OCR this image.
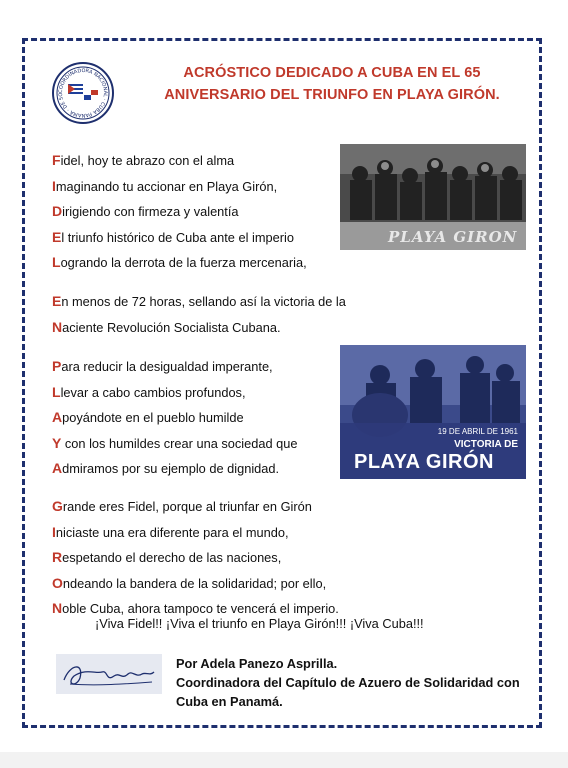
COORDINADORA NACIONAL · CUBA PANAMÁ · DE SO
ACRÓSTICO DEDICADO A CUBA EN EL 65
ANIVERSARIO DEL TRIUNFO EN PLAYA GIRÓN.
Fidel, hoy te abrazo con el alma
Imaginando tu accionar en Playa Girón,
Dirigiendo con firmeza y valentía
El triunfo histórico de Cuba ante el imperio
Logrando la derrota de la fuerza mercenaria,
En menos de 72 horas, sellando así la victoria de la
Naciente Revolución Socialista Cubana.
Para reducir la desigualdad imperante,
Llevar a cabo cambios profundos,
Apoyándote en el pueblo humilde
Y con los humildes crear una sociedad que
Admiramos por su ejemplo de dignidad.
Grande eres Fidel, porque al triunfar en Girón
Iniciaste una era diferente para el mundo,
Respetando el derecho de las naciones,
Ondeando la bandera de la solidaridad; por ello,
Noble Cuba, ahora tampoco te vencerá el imperio.
¡Viva Fidel!! ¡Viva el triunfo en Playa Girón!!! ¡Viva Cuba!!!
PLAYA GIRON
19 DE ABRIL DE 1961
VICTORIA DE
PLAYA GIRÓN
Por Adela Panezo Asprilla.
Coordinadora del Capítulo de Azuero de Solidaridad con
Cuba en Panamá.
